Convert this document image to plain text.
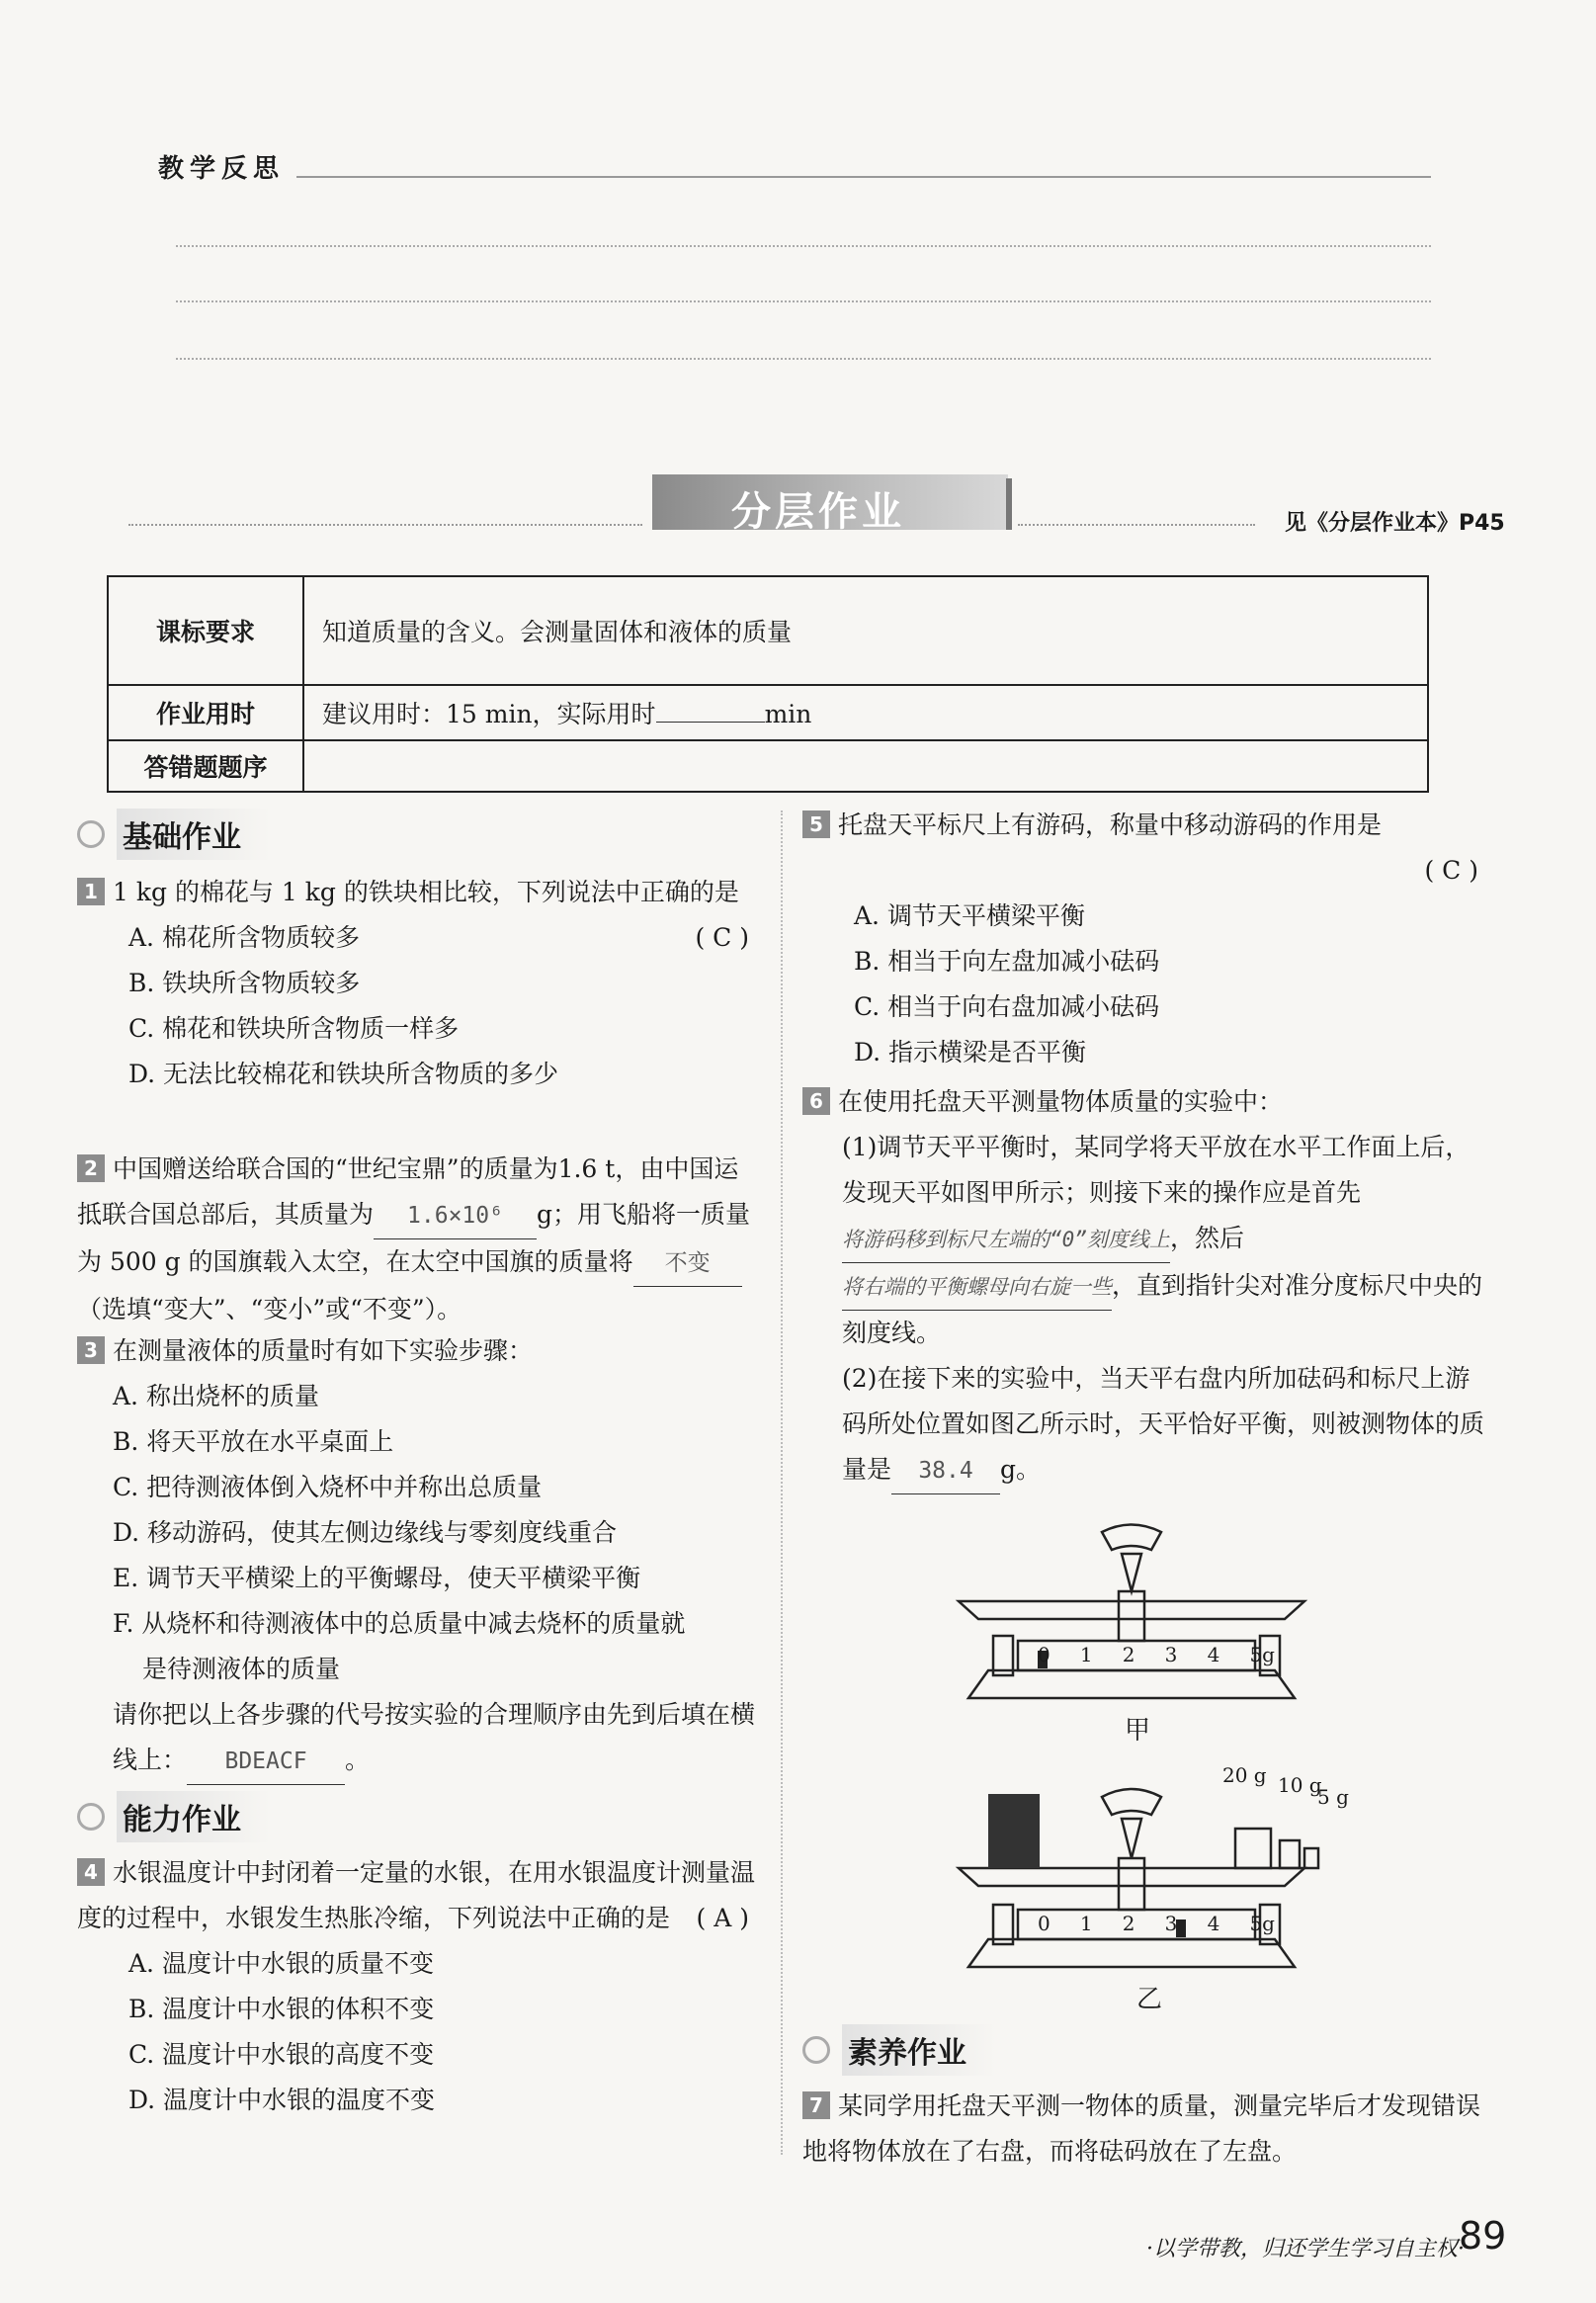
教学反思
分层作业	见《分层作业本》P45
课标要求	知道质量的含义。会测量固体和液体的质量
作业用时	建议用时：15 min，实际用时 min
答错题题序	
基础作业
1 1 kg 的棉花与 1 kg 的铁块相比较，下列说法中正确的是
( C )
A. 棉花所含物质较多
B. 铁块所含物质较多
C. 棉花和铁块所含物质一样多
D. 无法比较棉花和铁块所含物质的多少
2 中国赠送给联合国的“世纪宝鼎”的质量为1.6 t，由中国运抵联合国总部后，其质量为 1.6×10⁶ g；用飞船将一质量为 500 g 的国旗载入太空，在太空中国旗的质量将 不变（选填“变大”、“变小”或“不变”）。
3 在测量液体的质量时有如下实验步骤：
A. 称出烧杯的质量
B. 将天平放在水平桌面上
C. 把待测液体倒入烧杯中并称出总质量
D. 移动游码，使其左侧边缘线与零刻度线重合
E. 调节天平横梁上的平衡螺母，使天平横梁平衡
F. 从烧杯和待测液体中的总质量中减去烧杯的质量就
是待测液体的质量
请你把以上各步骤的代号按实验的合理顺序由先到后填在横线上： BDEACF 。
能力作业
4 水银温度计中封闭着一定量的水银，在用水银温度计测量温度的过程中，水银发生热胀冷缩，下列说法中正确的是 ( A )
A. 温度计中水银的质量不变
B. 温度计中水银的体积不变
C. 温度计中水银的高度不变
D. 温度计中水银的温度不变
5 托盘天平标尺上有游码，称量中移动游码的作用是
( C )
A. 调节天平横梁平衡
B. 相当于向左盘加减小砝码
C. 相当于向右盘加减小砝码
D. 指示横梁是否平衡
6 在使用托盘天平测量物体质量的实验中：
(1)调节天平平衡时，某同学将天平放在水平工作面上后，发现天平如图甲所示；则接下来的操作应是首先将游码移到标尺左端的“0”刻度线上，然后将右端的平衡螺母向右旋一些，直到指针尖对准分度标尺中央的刻度线。
(2)在接下来的实验中，当天平右盘内所加砝码和标尺上游码所处位置如图乙所示时，天平恰好平衡，则被测物体的质量是 38.4 g。
甲
0 1 2 3 4 5g
20 g 10 g
5 g
0 1 2 3 4 5g
乙
素养作业
7 某同学用托盘天平测一物体的质量，测量完毕后才发现错误地将物体放在了右盘，而将砝码放在了左盘。
·以学带教，归还学生学习自主权·
89
